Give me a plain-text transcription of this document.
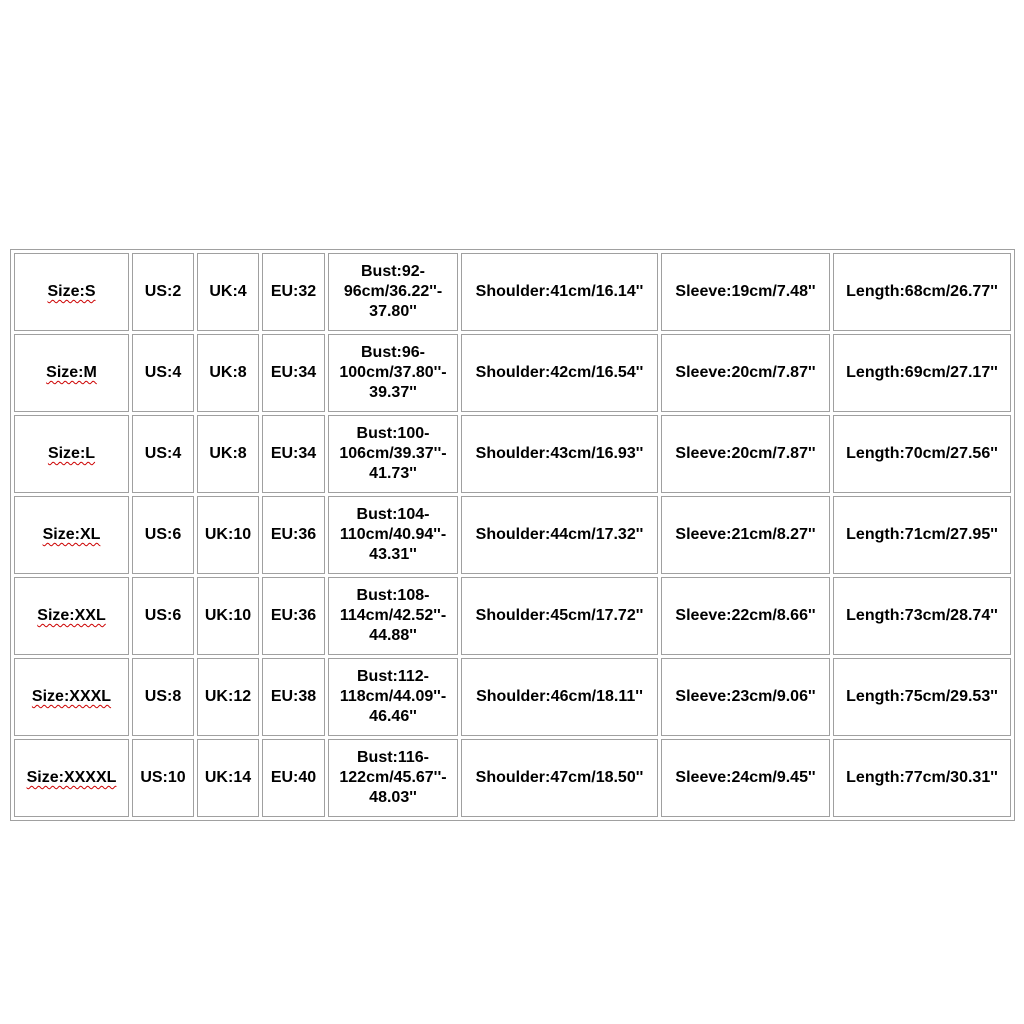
Size:S	US:2	UK:4	EU:32	Bust:92-
96cm/36.22''-
37.80''	Shoulder:41cm/16.14''	Sleeve:19cm/7.48''	Length:68cm/26.77''
Size:M	US:4	UK:8	EU:34	Bust:96-
100cm/37.80''-
39.37''	Shoulder:42cm/16.54''	Sleeve:20cm/7.87''	Length:69cm/27.17''
Size:L	US:4	UK:8	EU:34	Bust:100-
106cm/39.37''-
41.73''	Shoulder:43cm/16.93''	Sleeve:20cm/7.87''	Length:70cm/27.56''
Size:XL	US:6	UK:10	EU:36	Bust:104-
110cm/40.94''-
43.31''	Shoulder:44cm/17.32''	Sleeve:21cm/8.27''	Length:71cm/27.95''
Size:XXL	US:6	UK:10	EU:36	Bust:108-
114cm/42.52''-
44.88''	Shoulder:45cm/17.72''	Sleeve:22cm/8.66''	Length:73cm/28.74''
Size:XXXL	US:8	UK:12	EU:38	Bust:112-
118cm/44.09''-
46.46''	Shoulder:46cm/18.11''	Sleeve:23cm/9.06''	Length:75cm/29.53''
Size:XXXXL	US:10	UK:14	EU:40	Bust:116-
122cm/45.67''-
48.03''	Shoulder:47cm/18.50''	Sleeve:24cm/9.45''	Length:77cm/30.31''
